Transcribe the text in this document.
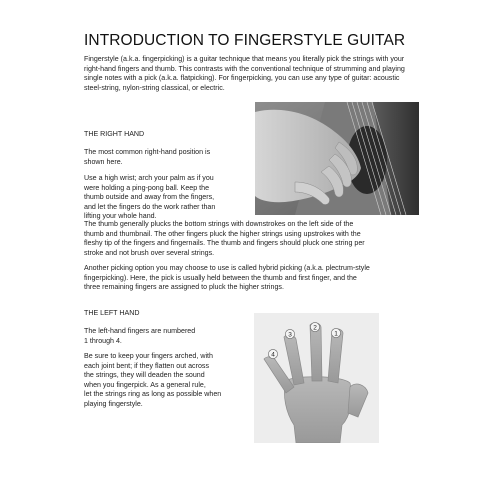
INTRODUCTION TO FINGERSTYLE GUITAR
Fingerstyle (a.k.a. fingerpicking) is a guitar technique that means you literally pick the strings with your
right-hand fingers and thumb. This contrasts with the conventional technique of strumming and playing
single notes with a pick (a.k.a. flatpicking). For fingerpicking, you can use any type of guitar: acoustic
steel-string, nylon-string classical, or electric.
THE RIGHT HAND
The most common right-hand position is
shown here.
Use a high wrist; arch your palm as if you
were holding a ping-pong ball. Keep the
thumb outside and away from the fingers,
and let the fingers do the work rather than
lifting your whole hand.
The thumb generally plucks the bottom strings with downstrokes on the left side of the
thumb and thumbnail. The other fingers pluck the higher strings using upstrokes with the
fleshy tip of the fingers and fingernails. The thumb and fingers should pluck one string per
stroke and not brush over several strings.
Another picking option you may choose to use is called hybrid picking (a.k.a. plectrum-style
fingerpicking). Here, the pick is usually held between the thumb and first finger, and the
three remaining fingers are assigned to pluck the higher strings.
THE LEFT HAND
The left-hand fingers are numbered
1 through 4.
Be sure to keep your fingers arched, with
each joint bent; if they flatten out across
the strings, they will deaden the sound
when you fingerpick. As a general rule,
let the strings ring as long as possible when
playing fingerstyle.
1
2
3
4
